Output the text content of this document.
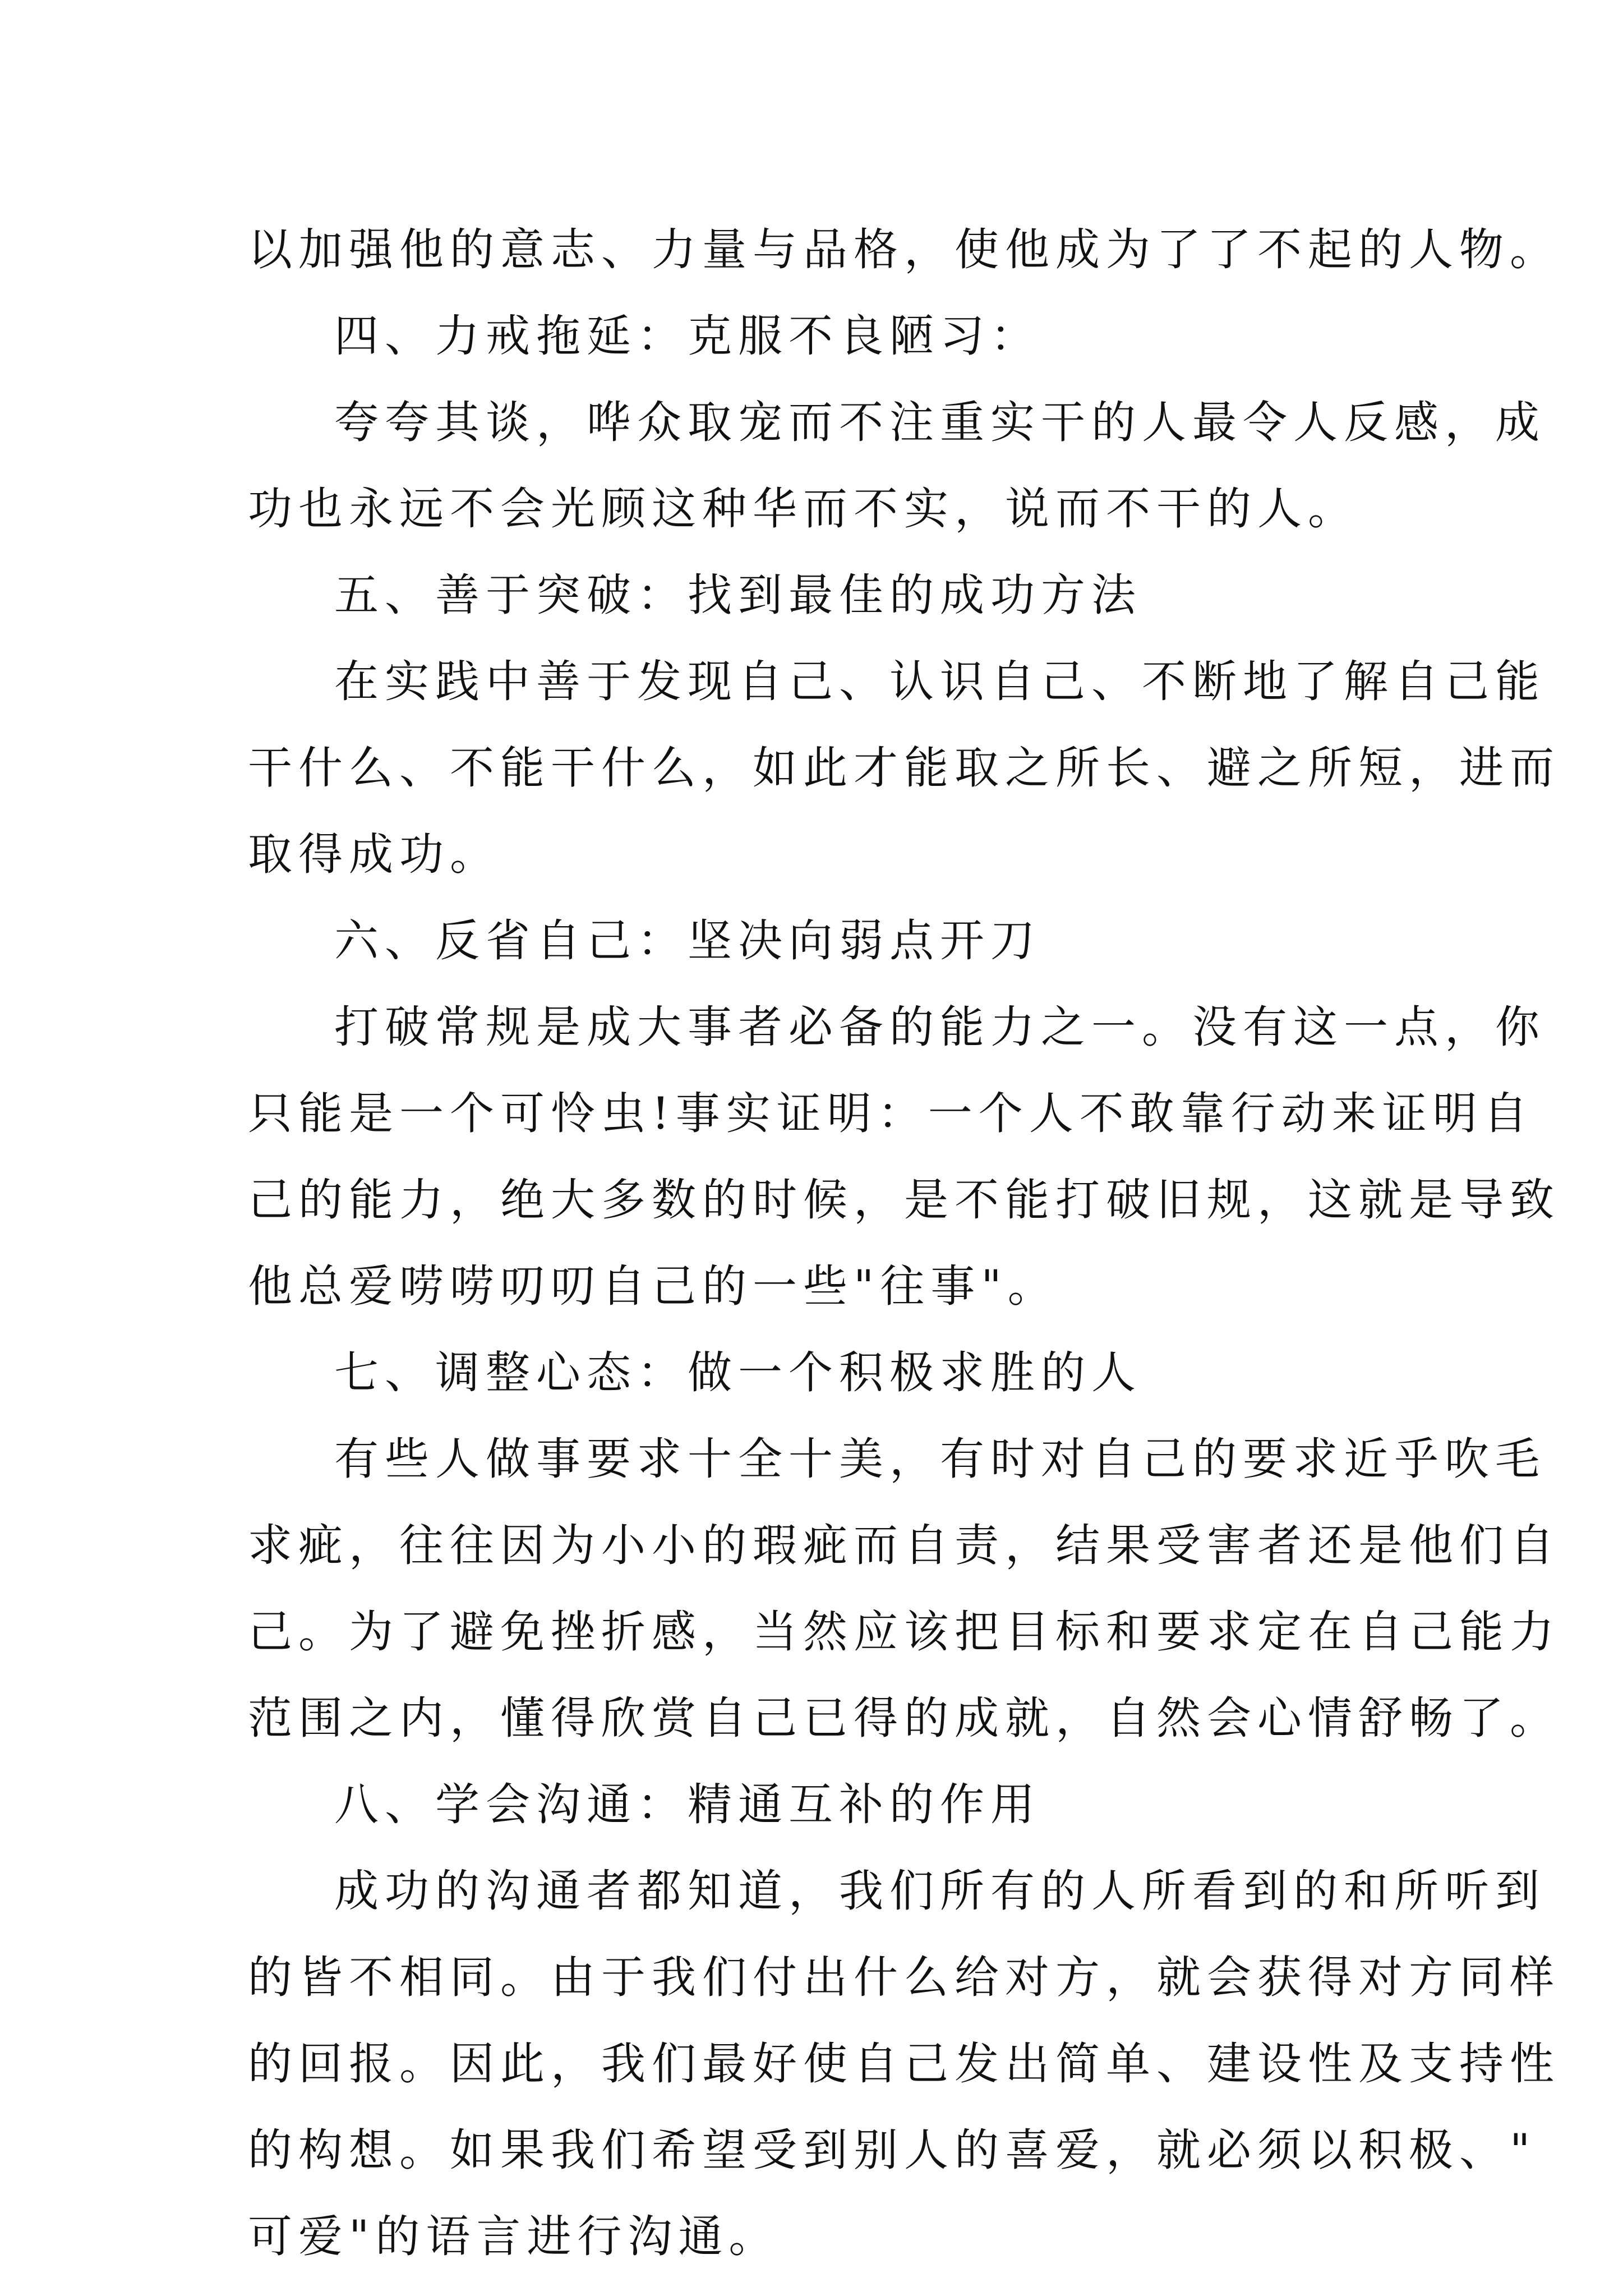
以加强他的意志、力量与品格，使他成为了了不起的人物。
四、力戒拖延：克服不良陋习：
夸夸其谈，哗众取宠而不注重实干的人最令人反感，成
功也永远不会光顾这种华而不实，说而不干的人。
五、善于突破：找到最佳的成功方法
在实践中善于发现自己、认识自己、不断地了解自己能
干什么、不能干什么，如此才能取之所长、避之所短，进而
取得成功。
六、反省自己：坚决向弱点开刀
打破常规是成大事者必备的能力之一。没有这一点，你
只能是一个可怜虫!事实证明：一个人不敢靠行动来证明自
己的能力，绝大多数的时候，是不能打破旧规，这就是导致
他总爱唠唠叨叨自己的一些"往事"。
七、调整心态：做一个积极求胜的人
有些人做事要求十全十美，有时对自己的要求近乎吹毛
求疵，往往因为小小的瑕疵而自责，结果受害者还是他们自
己。为了避免挫折感，当然应该把目标和要求定在自己能力
范围之内，懂得欣赏自己已得的成就，自然会心情舒畅了。
八、学会沟通：精通互补的作用
成功的沟通者都知道，我们所有的人所看到的和所听到
的皆不相同。由于我们付出什么给对方，就会获得对方同样
的回报。因此，我们最好使自己发出简单、建设性及支持性
的构想。如果我们希望受到别人的喜爱，就必须以积极、"
可爱"的语言进行沟通。
